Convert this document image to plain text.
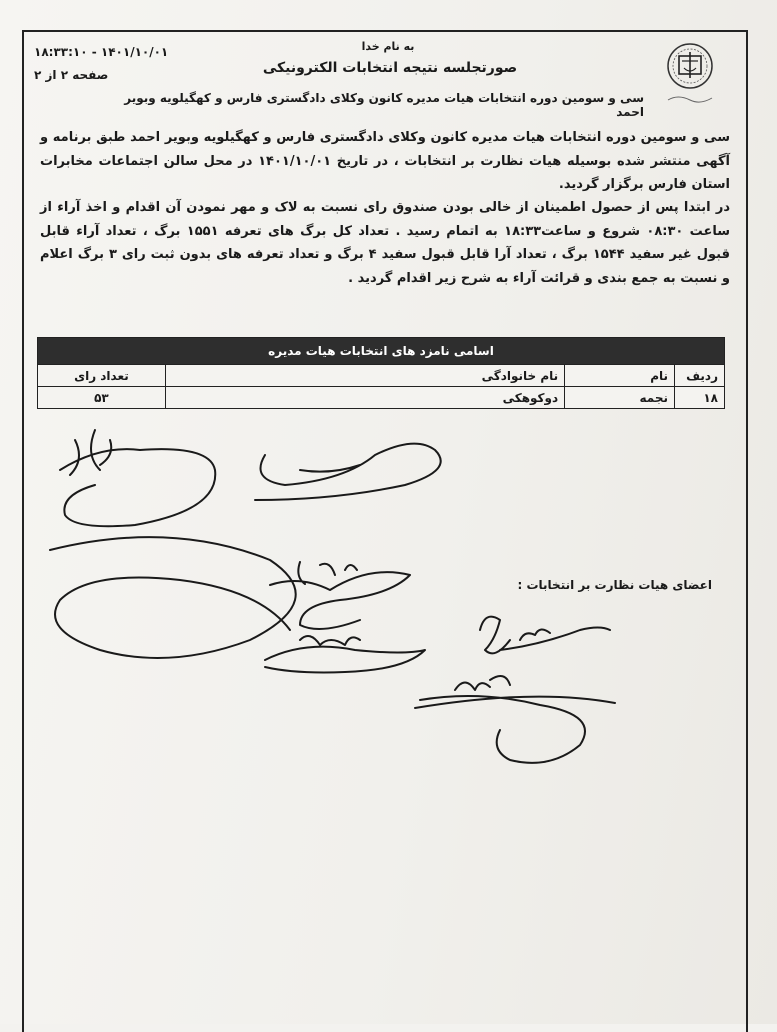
به نام خدا
صورتجلسه نتیجه انتخابات الکترونیکی
سی و سومین دوره انتخابات هیات مدیره کانون وکلای دادگستری فارس و کهگیلویه وبویر احمد
۱۴۰۱/۱۰/۰۱ - ۱۸:۳۳:۱۰
صفحه ۲ از ۲
سی و سومین دوره انتخابات هیات مدیره کانون وکلای دادگستری فارس و کهگیلویه وبویر احمد طبق برنامه و آگهی منتشر شده بوسیله هیات نظارت بر انتخابات ، در تاریخ ۱۴۰۱/۱۰/۰۱ در محل سالن اجتماعات مخابرات استان فارس برگزار گردید.
در ابتدا پس از حصول اطمینان از خالی بودن صندوق رای نسبت به لاک و مهر نمودن آن اقدام و اخذ آراء از ساعت ۰۸:۳۰ شروع و ساعت۱۸:۳۳ به اتمام رسید . تعداد کل برگ های تعرفه ۱۵۵۱ برگ ، تعداد آراء قابل قبول غیر سفید ۱۵۴۴ برگ ، تعداد آرا قابل قبول سفید ۴ برگ و تعداد تعرفه های بدون ثبت رای ۳ برگ اعلام و نسبت به جمع بندی و قرائت آراء به شرح زیر اقدام گردید .
اسامی نامزد های انتخابات هیات مدیره			
ردیف	نام	نام خانوادگی	تعداد رای
۱۸	نجمه	دوکوهکی	۵۳
اعضای هیات نظارت بر انتخابات :
